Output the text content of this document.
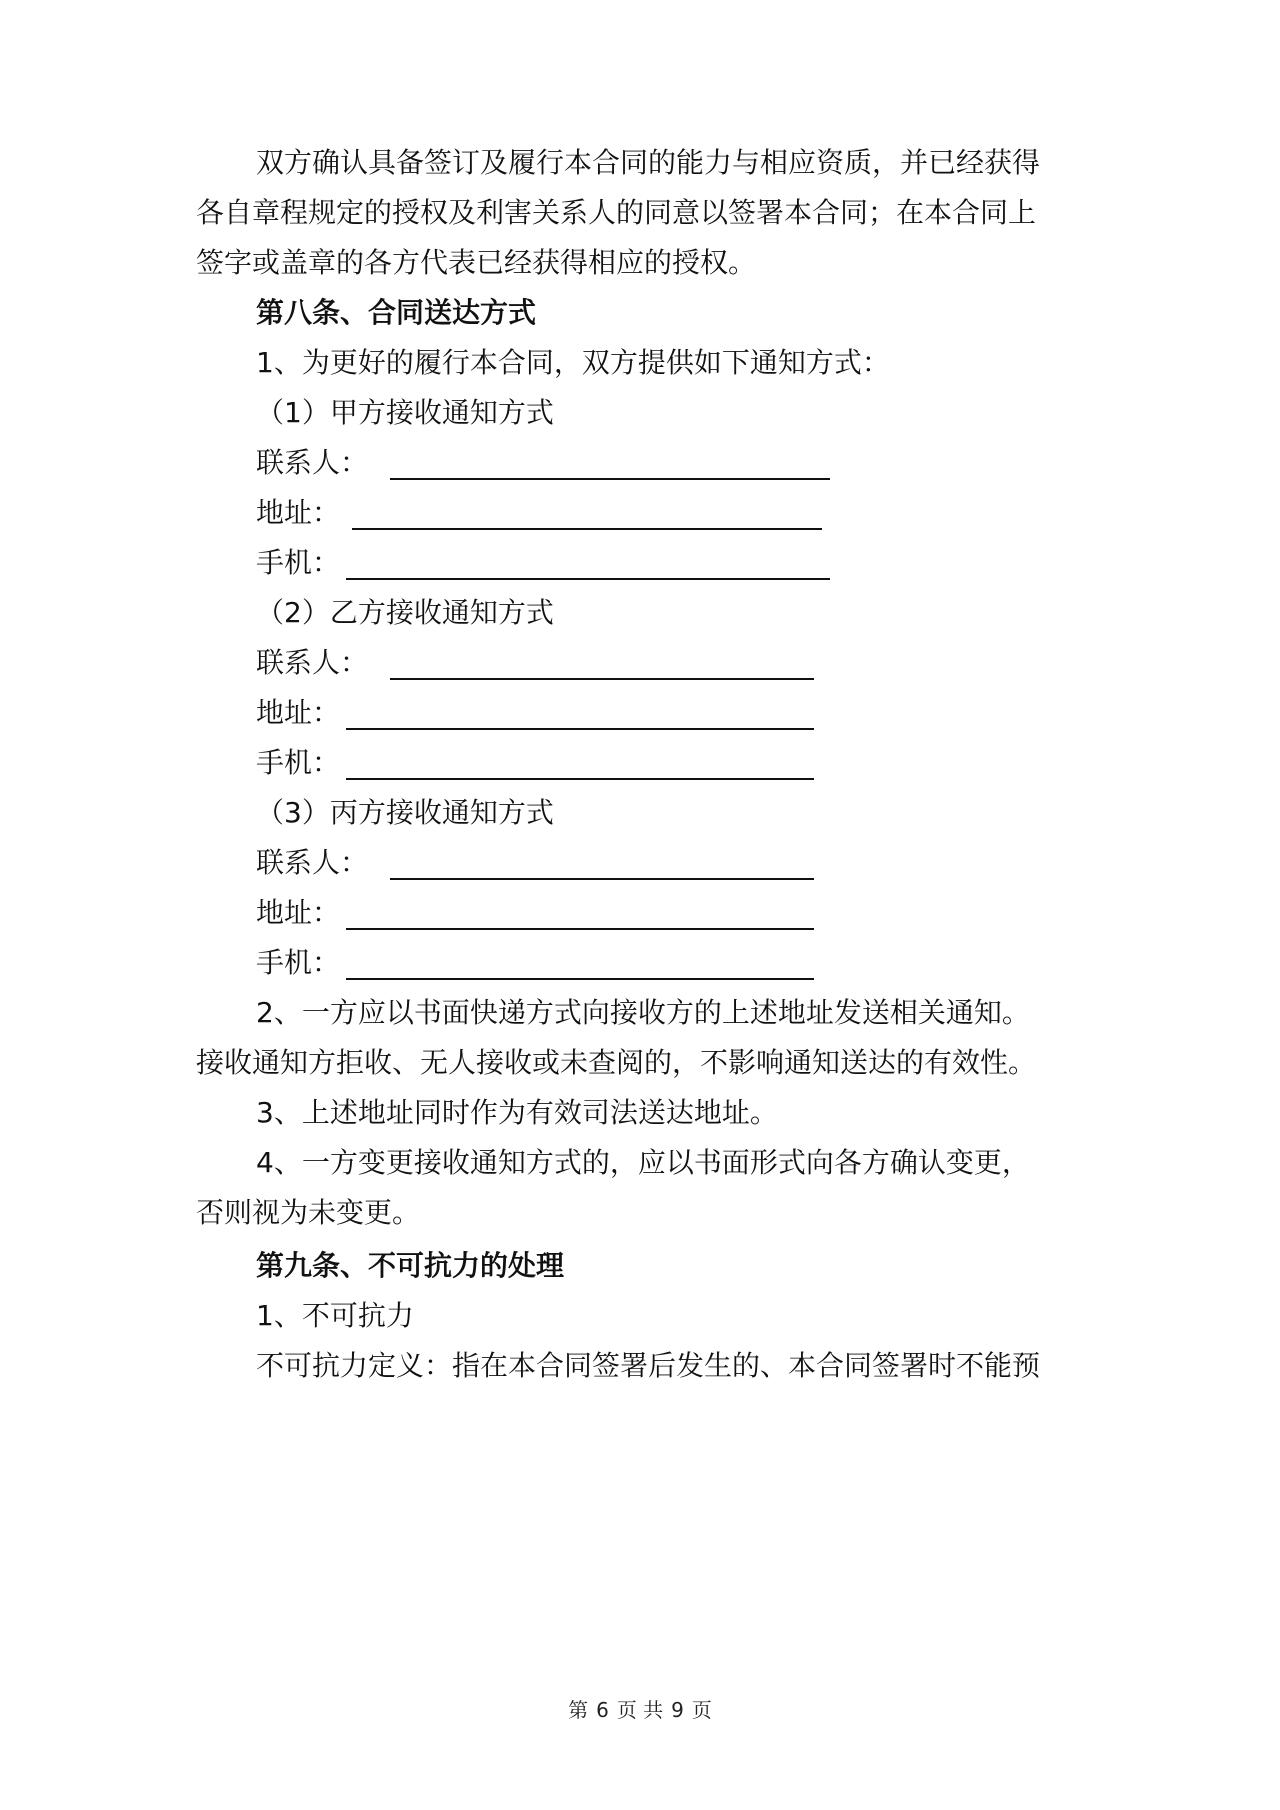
双方确认具备签订及履行本合同的能力与相应资质，并已经获得
各自章程规定的授权及利害关系人的同意以签署本合同；在本合同上
签字或盖章的各方代表已经获得相应的授权。
第八条、合同送达方式
1、为更好的履行本合同，双方提供如下通知方式：
（1）甲方接收通知方式
联系人：
地址：
手机：
（2）乙方接收通知方式
联系人：
地址：
手机：
（3）丙方接收通知方式
联系人：
地址：
手机：
2、一方应以书面快递方式向接收方的上述地址发送相关通知。
接收通知方拒收、无人接收或未查阅的，不影响通知送达的有效性。
3、上述地址同时作为有效司法送达地址。
4、一方变更接收通知方式的，应以书面形式向各方确认变更，
否则视为未变更。
第九条、不可抗力的处理
1、不可抗力
不可抗力定义：指在本合同签署后发生的、本合同签署时不能预
第 6 页 共 9 页
